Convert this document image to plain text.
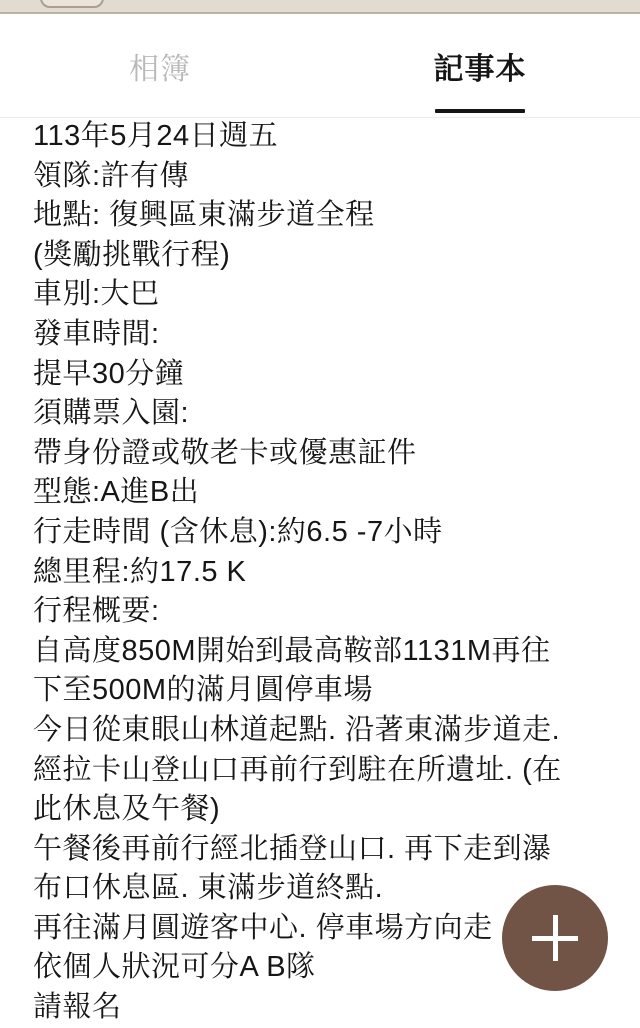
相簿	記事本
113年5月24日週五
領隊:許有傳
地點: 復興區東滿步道全程
(獎勵挑戰行程)
車別:大巴
發車時間:
提早30分鐘
須購票入園:
帶身份證或敬老卡或優惠証件
型態:A進B出
行走時間 (含休息):約6.5 -7小時
總里程:約17.5 K
行程概要:
自高度850M開始到最高鞍部1131M再往
下至500M的滿月圓停車場
今日從東眼山林道起點. 沿著東滿步道走.
經拉卡山登山口再前行到駐在所遺址. (在
此休息及午餐)
午餐後再前行經北插登山口. 再下走到瀑
布口休息區. 東滿步道終點.
再往滿月圓遊客中心. 停車場方向走
依個人狀況可分A B隊
請報名
